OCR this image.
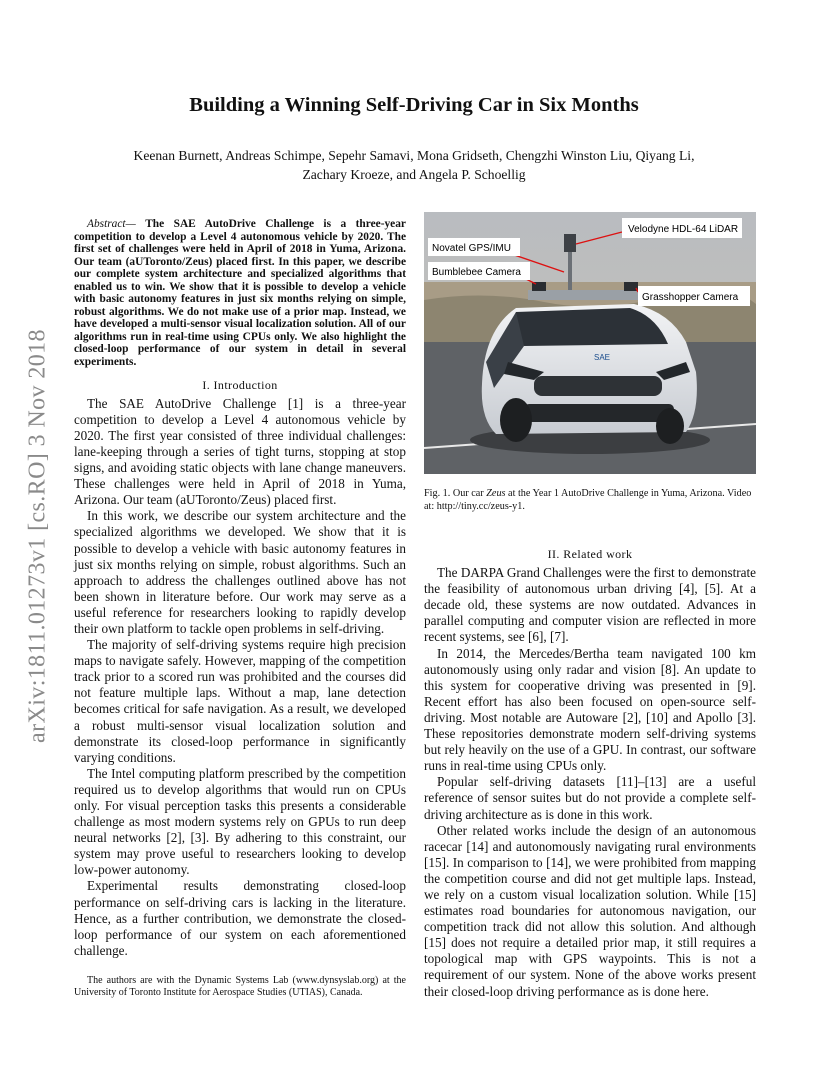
arXiv:1811.01273v1 [cs.RO] 3 Nov 2018
Building a Winning Self-Driving Car in Six Months
Keenan Burnett, Andreas Schimpe, Sepehr Samavi, Mona Gridseth, Chengzhi Winston Liu, Qiyang Li,
Zachary Kroeze, and Angela P. Schoellig

Abstract— The SAE AutoDrive Challenge is a three-year competition to develop a Level 4 autonomous vehicle by 2020. The first set of challenges were held in April of 2018 in Yuma, Arizona. Our team (aUToronto/Zeus) placed first. In this paper, we describe our complete system architecture and specialized algorithms that enabled us to win. We show that it is possible to develop a vehicle with basic autonomy features in just six months relying on simple, robust algorithms. We do not make use of a prior map. Instead, we have developed a multi-sensor visual localization solution. All of our algorithms run in real-time using CPUs only. We also highlight the closed-loop performance of our system in detail in several experiments.

I. Introduction

The SAE AutoDrive Challenge [1] is a three-year competition to develop a Level 4 autonomous vehicle by 2020. The first year consisted of three individual challenges: lane-keeping through a series of tight turns, stopping at stop signs, and avoiding static objects with lane change maneuvers. These challenges were held in April of 2018 in Yuma, Arizona. Our team (aUToronto/Zeus) placed first.

In this work, we describe our system architecture and the specialized algorithms we developed. We show that it is possible to develop a vehicle with basic autonomy features in just six months relying on simple, robust algorithms. Such an approach to address the challenges outlined above has not been shown in literature before. Our work may serve as a useful reference for researchers looking to rapidly develop their own platform to tackle open problems in self-driving.

The majority of self-driving systems require high precision maps to navigate safely. However, mapping of the competition track prior to a scored run was prohibited and the courses did not feature multiple laps. Without a map, lane detection becomes critical for safe navigation. As a result, we developed a robust multi-sensor visual localization solution and demonstrate its closed-loop performance in significantly varying conditions.

The Intel computing platform prescribed by the competition required us to develop algorithms that would run on CPUs only. For visual perception tasks this presents a considerable challenge as most modern systems rely on GPUs to run deep neural networks [2], [3]. By adhering to this constraint, our system may prove useful to researchers looking to develop low-power autonomy.

Experimental results demonstrating closed-loop performance on self-driving cars is lacking in the literature. Hence, as a further contribution, we demonstrate the closed-loop performance of our system on each aforementioned challenge.

The authors are with the Dynamic Systems Lab (www.dynsyslab.org) at the University of Toronto Institute for Aerospace Studies (UTIAS), Canada.

SAE
Velodyne HDL-64 LiDAR
Novatel GPS/IMU
Bumblebee Camera
Grasshopper Camera
Fig. 1. Our car Zeus at the Year 1 AutoDrive Challenge in Yuma, Arizona. Video at: http://tiny.cc/zeus-y1.
II. Related work

The DARPA Grand Challenges were the first to demonstrate the feasibility of autonomous urban driving [4], [5]. At a decade old, these systems are now outdated. Advances in parallel computing and computer vision are reflected in more recent systems, see [6], [7].

In 2014, the Mercedes/Bertha team navigated 100 km autonomously using only radar and vision [8]. An update to this system for cooperative driving was presented in [9]. Recent effort has also been focused on open-source self-driving. Most notable are Autoware [2], [10] and Apollo [3]. These repositories demonstrate modern self-driving systems but rely heavily on the use of a GPU. In contrast, our software runs in real-time using CPUs only.

Popular self-driving datasets [11]–[13] are a useful reference of sensor suites but do not provide a complete self-driving architecture as is done in this work.

Other related works include the design of an autonomous racecar [14] and autonomously navigating rural environments [15]. In comparison to [14], we were prohibited from mapping the competition course and did not get multiple laps. Instead, we rely on a custom visual localization solution. While [15] estimates road boundaries for autonomous navigation, our competition track did not allow this solution. And although [15] does not require a detailed prior map, it still requires a topological map with GPS waypoints. This is not a requirement of our system. None of the above works present their closed-loop driving performance as is done here.
